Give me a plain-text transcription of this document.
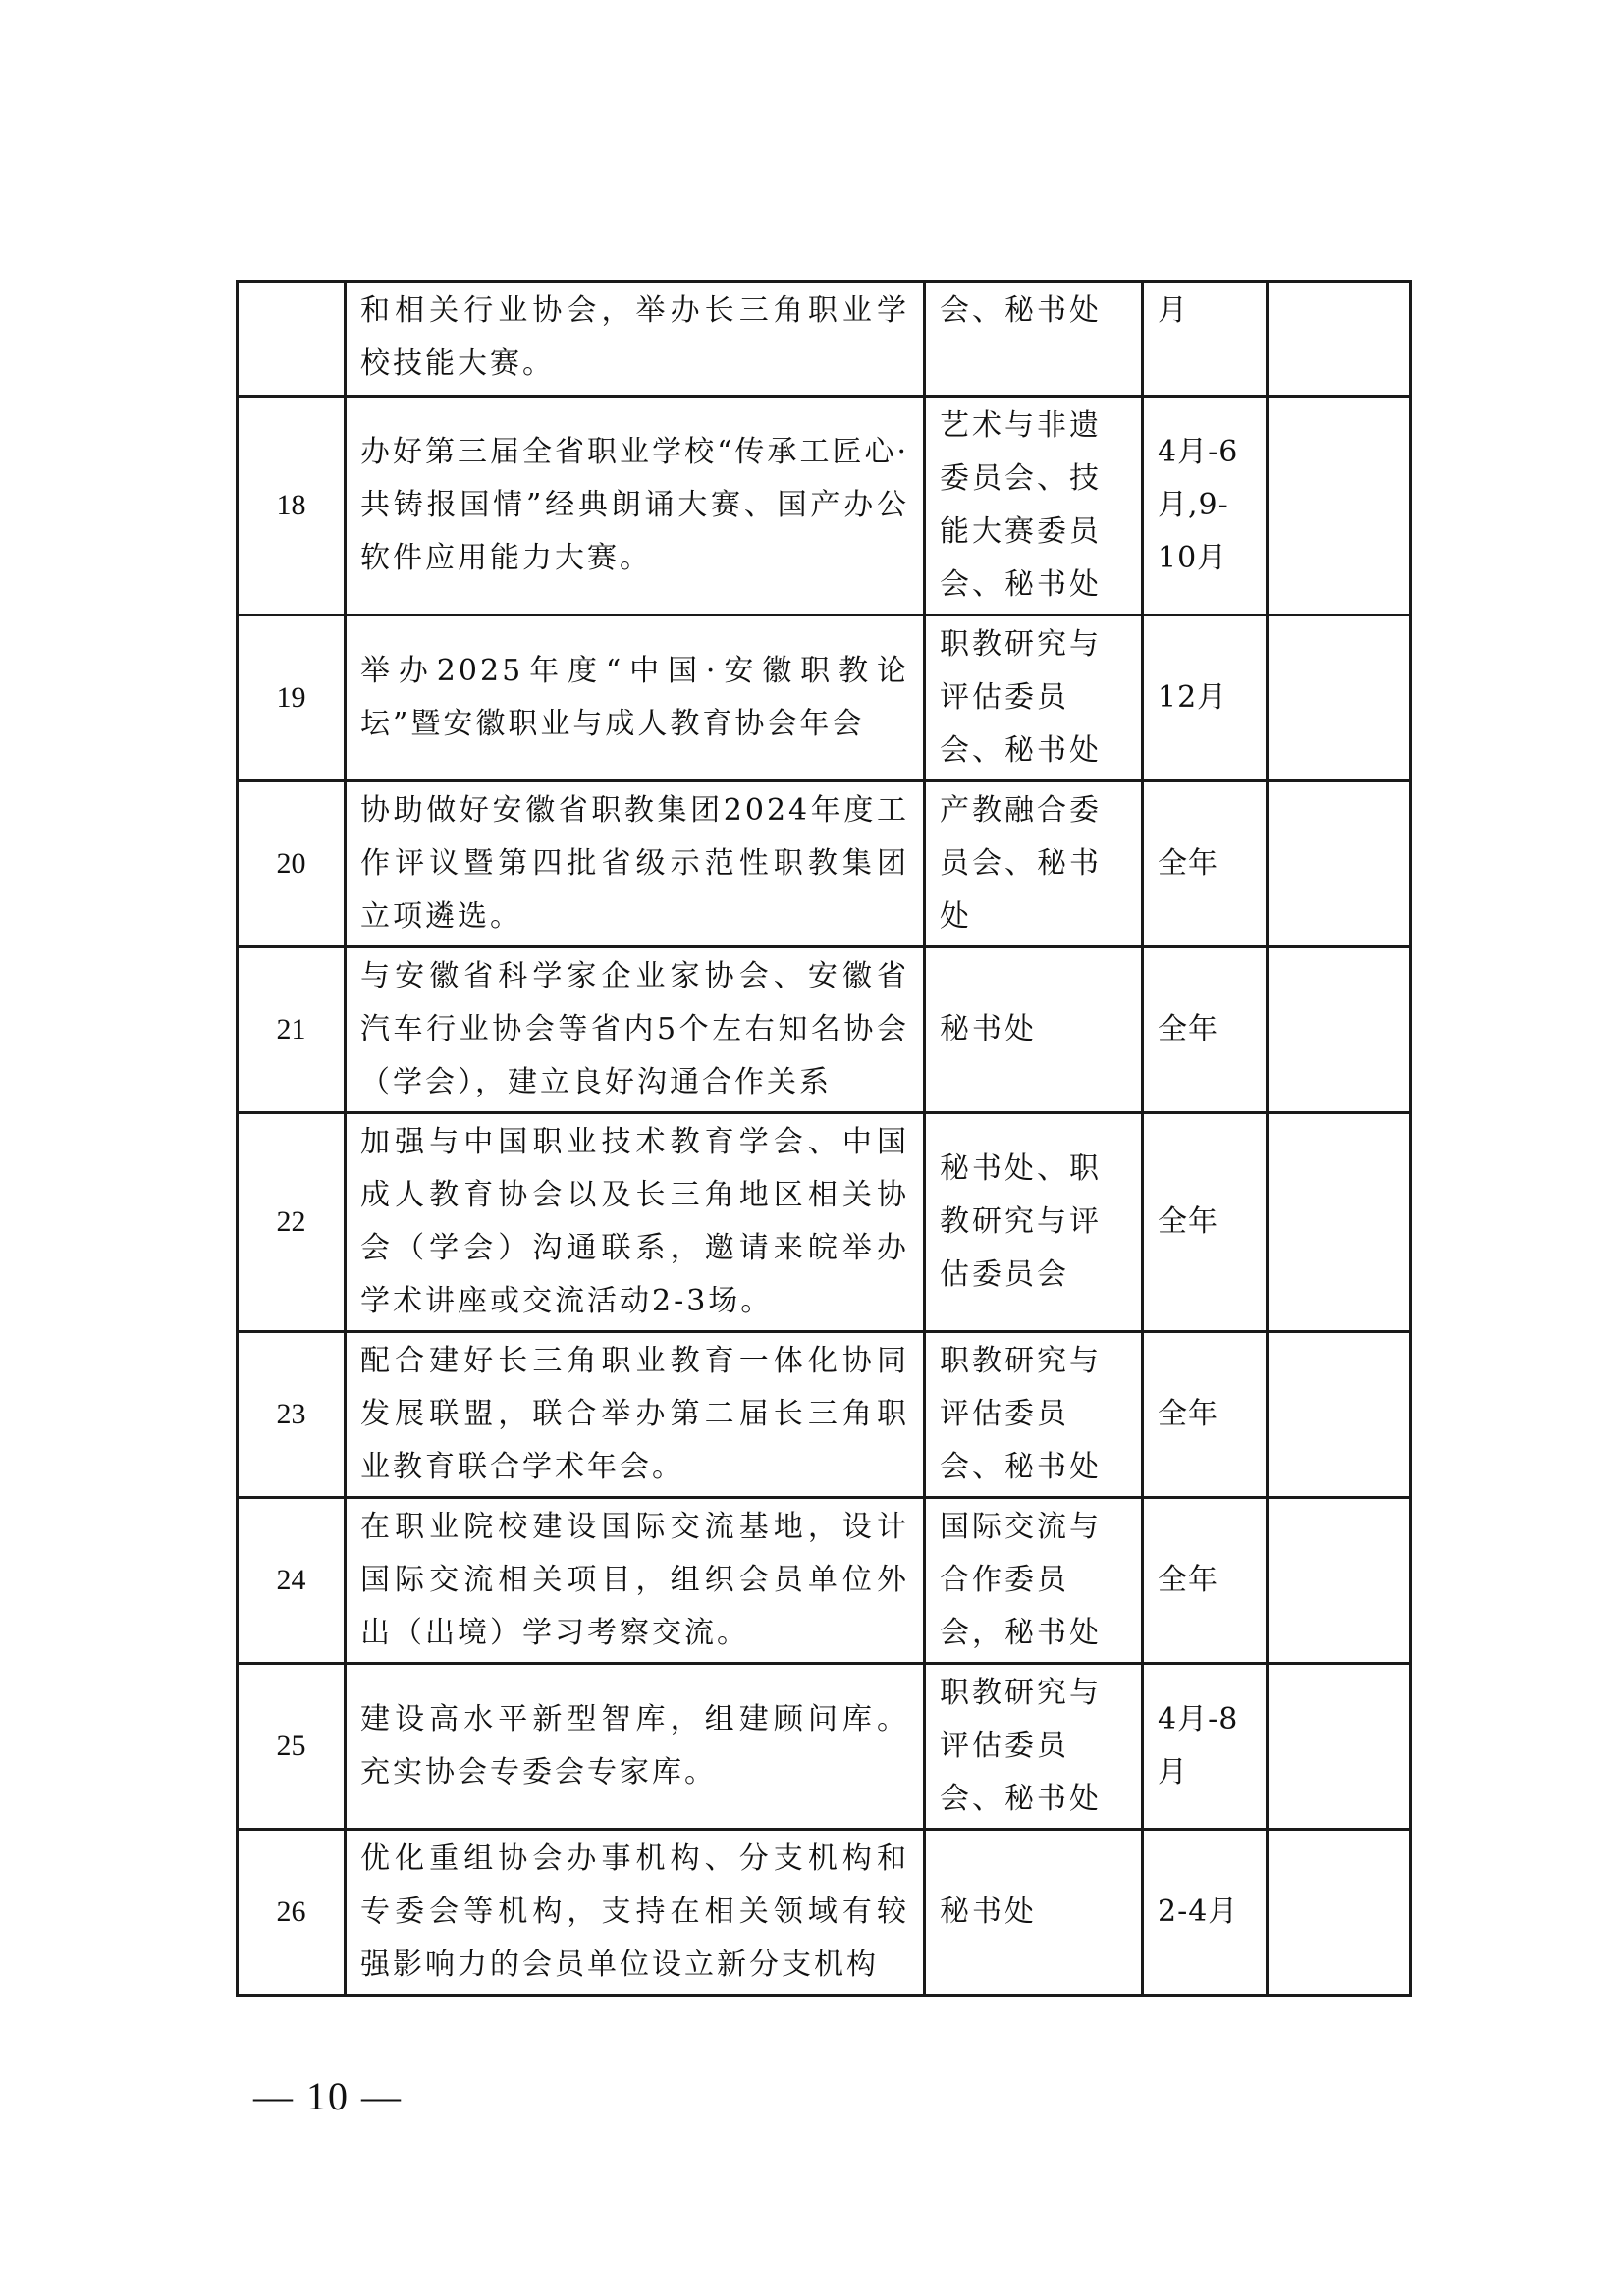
	和相关行业协会，举办长三角职业学校技能大赛。	会、秘书处	月	
18	办好第三届全省职业学校“传承工匠心·共铸报国情”经典朗诵大赛、国产办公软件应用能力大赛。	艺术与非遗委员会、技能大赛委员会、秘书处	4月-6月,9-10月	
19	举办2025年度“中国·安徽职教论坛”暨安徽职业与成人教育协会年会	职教研究与评估委员会、秘书处	12月	
20	协助做好安徽省职教集团2024年度工作评议暨第四批省级示范性职教集团立项遴选。	产教融合委员会、秘书处	全年	
21	与安徽省科学家企业家协会、安徽省汽车行业协会等省内5个左右知名协会（学会），建立良好沟通合作关系	秘书处	全年	
22	加强与中国职业技术教育学会、中国成人教育协会以及长三角地区相关协会（学会）沟通联系，邀请来皖举办学术讲座或交流活动2-3场。	秘书处、职教研究与评估委员会	全年	
23	配合建好长三角职业教育一体化协同发展联盟，联合举办第二届长三角职业教育联合学术年会。	职教研究与评估委员会、秘书处	全年	
24	在职业院校建设国际交流基地，设计国际交流相关项目，组织会员单位外出（出境）学习考察交流。	国际交流与合作委员会，秘书处	全年	
25	建设高水平新型智库，组建顾问库。充实协会专委会专家库。	职教研究与评估委员会、秘书处	4月-8月	
26	优化重组协会办事机构、分支机构和专委会等机构，支持在相关领域有较强影响力的会员单位设立新分支机构	秘书处	2-4月	
— 10 —
